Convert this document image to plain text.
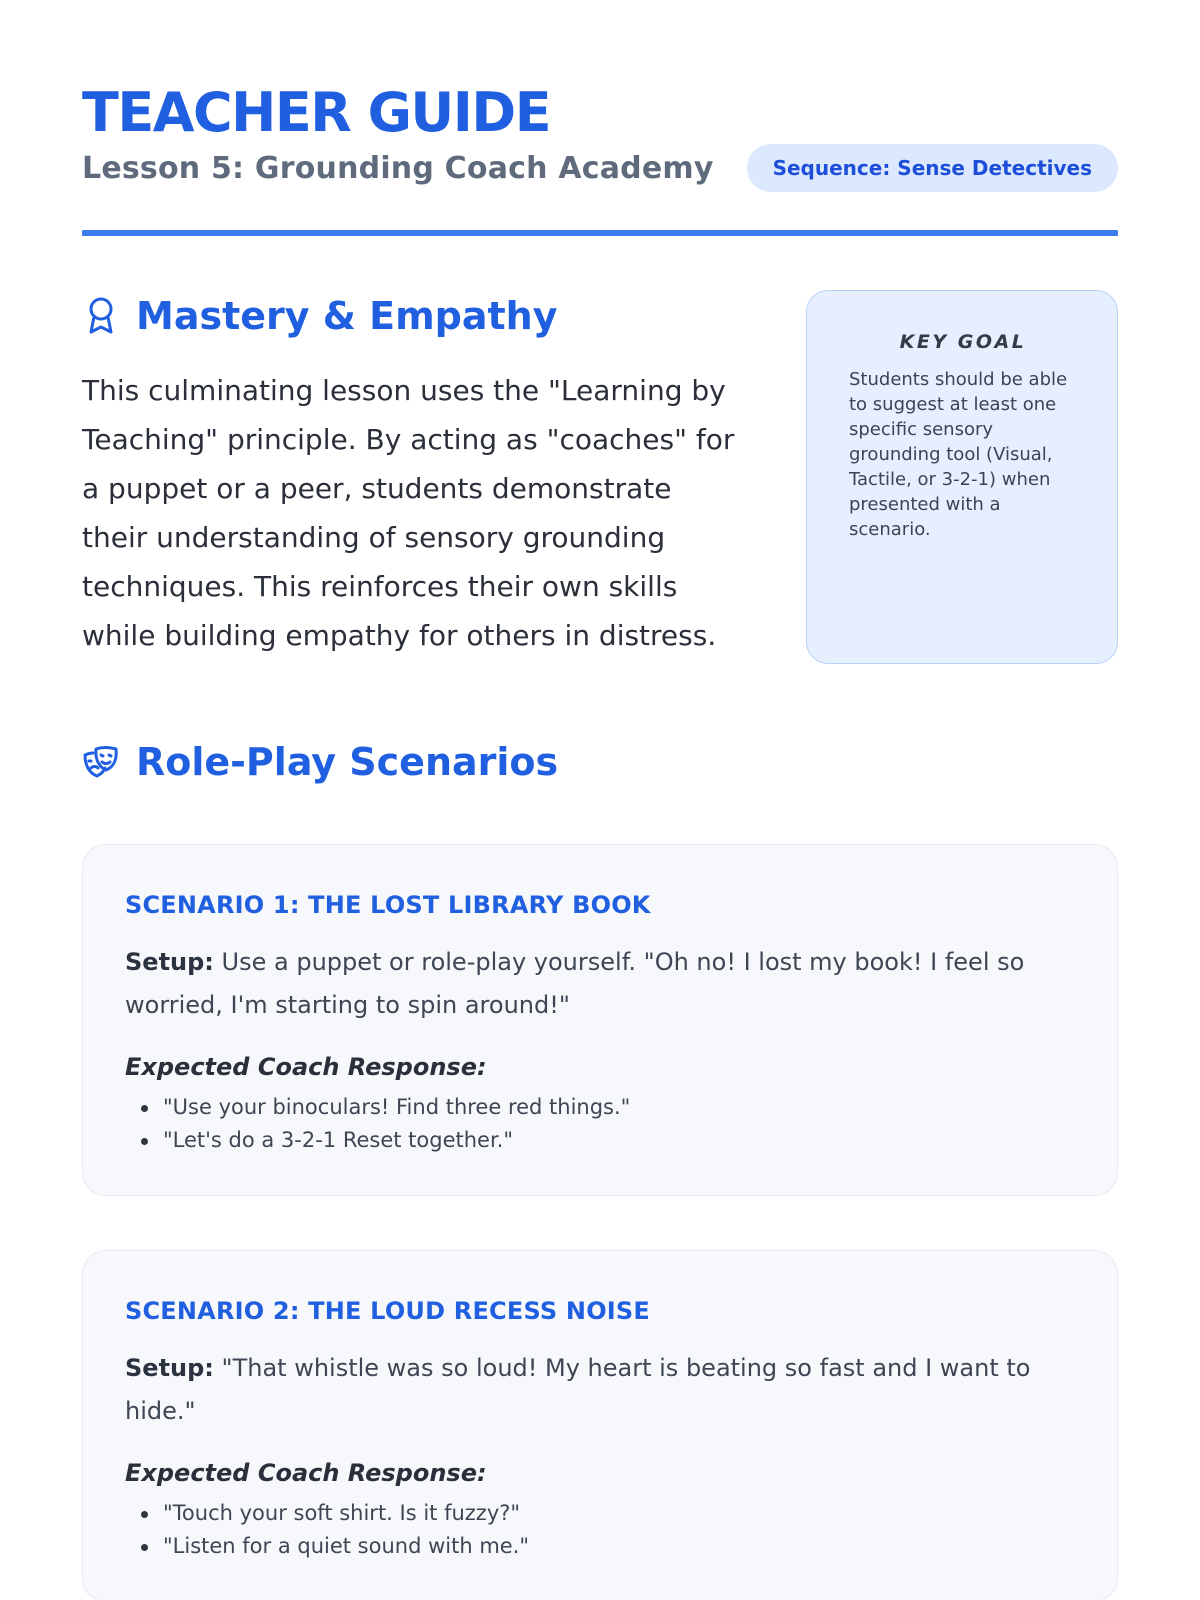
TEACHER GUIDE
Lesson 5: Grounding Coach Academy	Sequence: Sense Detectives
Mastery & Empathy

This culminating lesson uses the "Learning by Teaching" principle. By acting as "coaches" for a puppet or a peer, students demonstrate their understanding of sensory grounding techniques. This reinforces their own skills while building empathy for others in distress.

KEY GOAL

Students should be able to suggest at least one specific sensory grounding tool (Visual, Tactile, or 3-2-1) when presented with a scenario.

Role-Play Scenarios
SCENARIO 1: THE LOST LIBRARY BOOK

Setup: Use a puppet or role-play yourself. "Oh no! I lost my book! I feel so worried, I'm starting to spin around!"

Expected Coach Response:
"Use your binoculars! Find three red things."
"Let's do a 3-2-1 Reset together."
SCENARIO 2: THE LOUD RECESS NOISE

Setup: "That whistle was so loud! My heart is beating so fast and I want to hide."

Expected Coach Response:
"Touch your soft shirt. Is it fuzzy?"
"Listen for a quiet sound with me."
